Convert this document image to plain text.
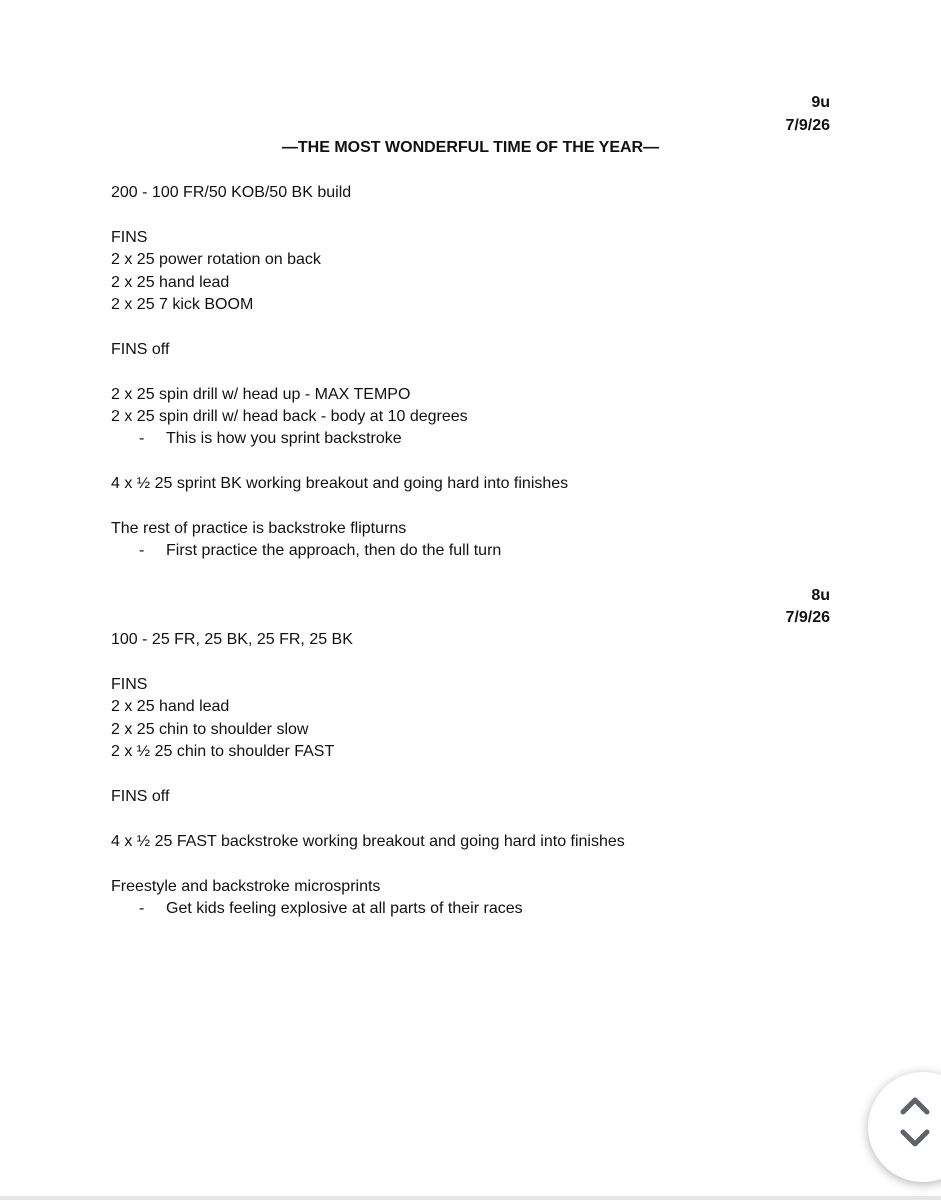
9u
7/9/26
—THE MOST WONDERFUL TIME OF THE YEAR—
200 - 100 FR/50 KOB/50 BK build
FINS
2 x 25 power rotation on back
2 x 25 hand lead
2 x 25 7 kick BOOM
FINS off
2 x 25 spin drill w/ head up - MAX TEMPO
2 x 25 spin drill w/ head back - body at 10 degrees
- This is how you sprint backstroke
4 x ½ 25 sprint BK working breakout and going hard into finishes
The rest of practice is backstroke flipturns
- First practice the approach, then do the full turn
8u
7/9/26
100 - 25 FR, 25 BK, 25 FR, 25 BK
FINS
2 x 25 hand lead
2 x 25 chin to shoulder slow
2 x ½ 25 chin to shoulder FAST
FINS off
4 x ½ 25 FAST backstroke working breakout and going hard into finishes
Freestyle and backstroke microsprints
- Get kids feeling explosive at all parts of their races
